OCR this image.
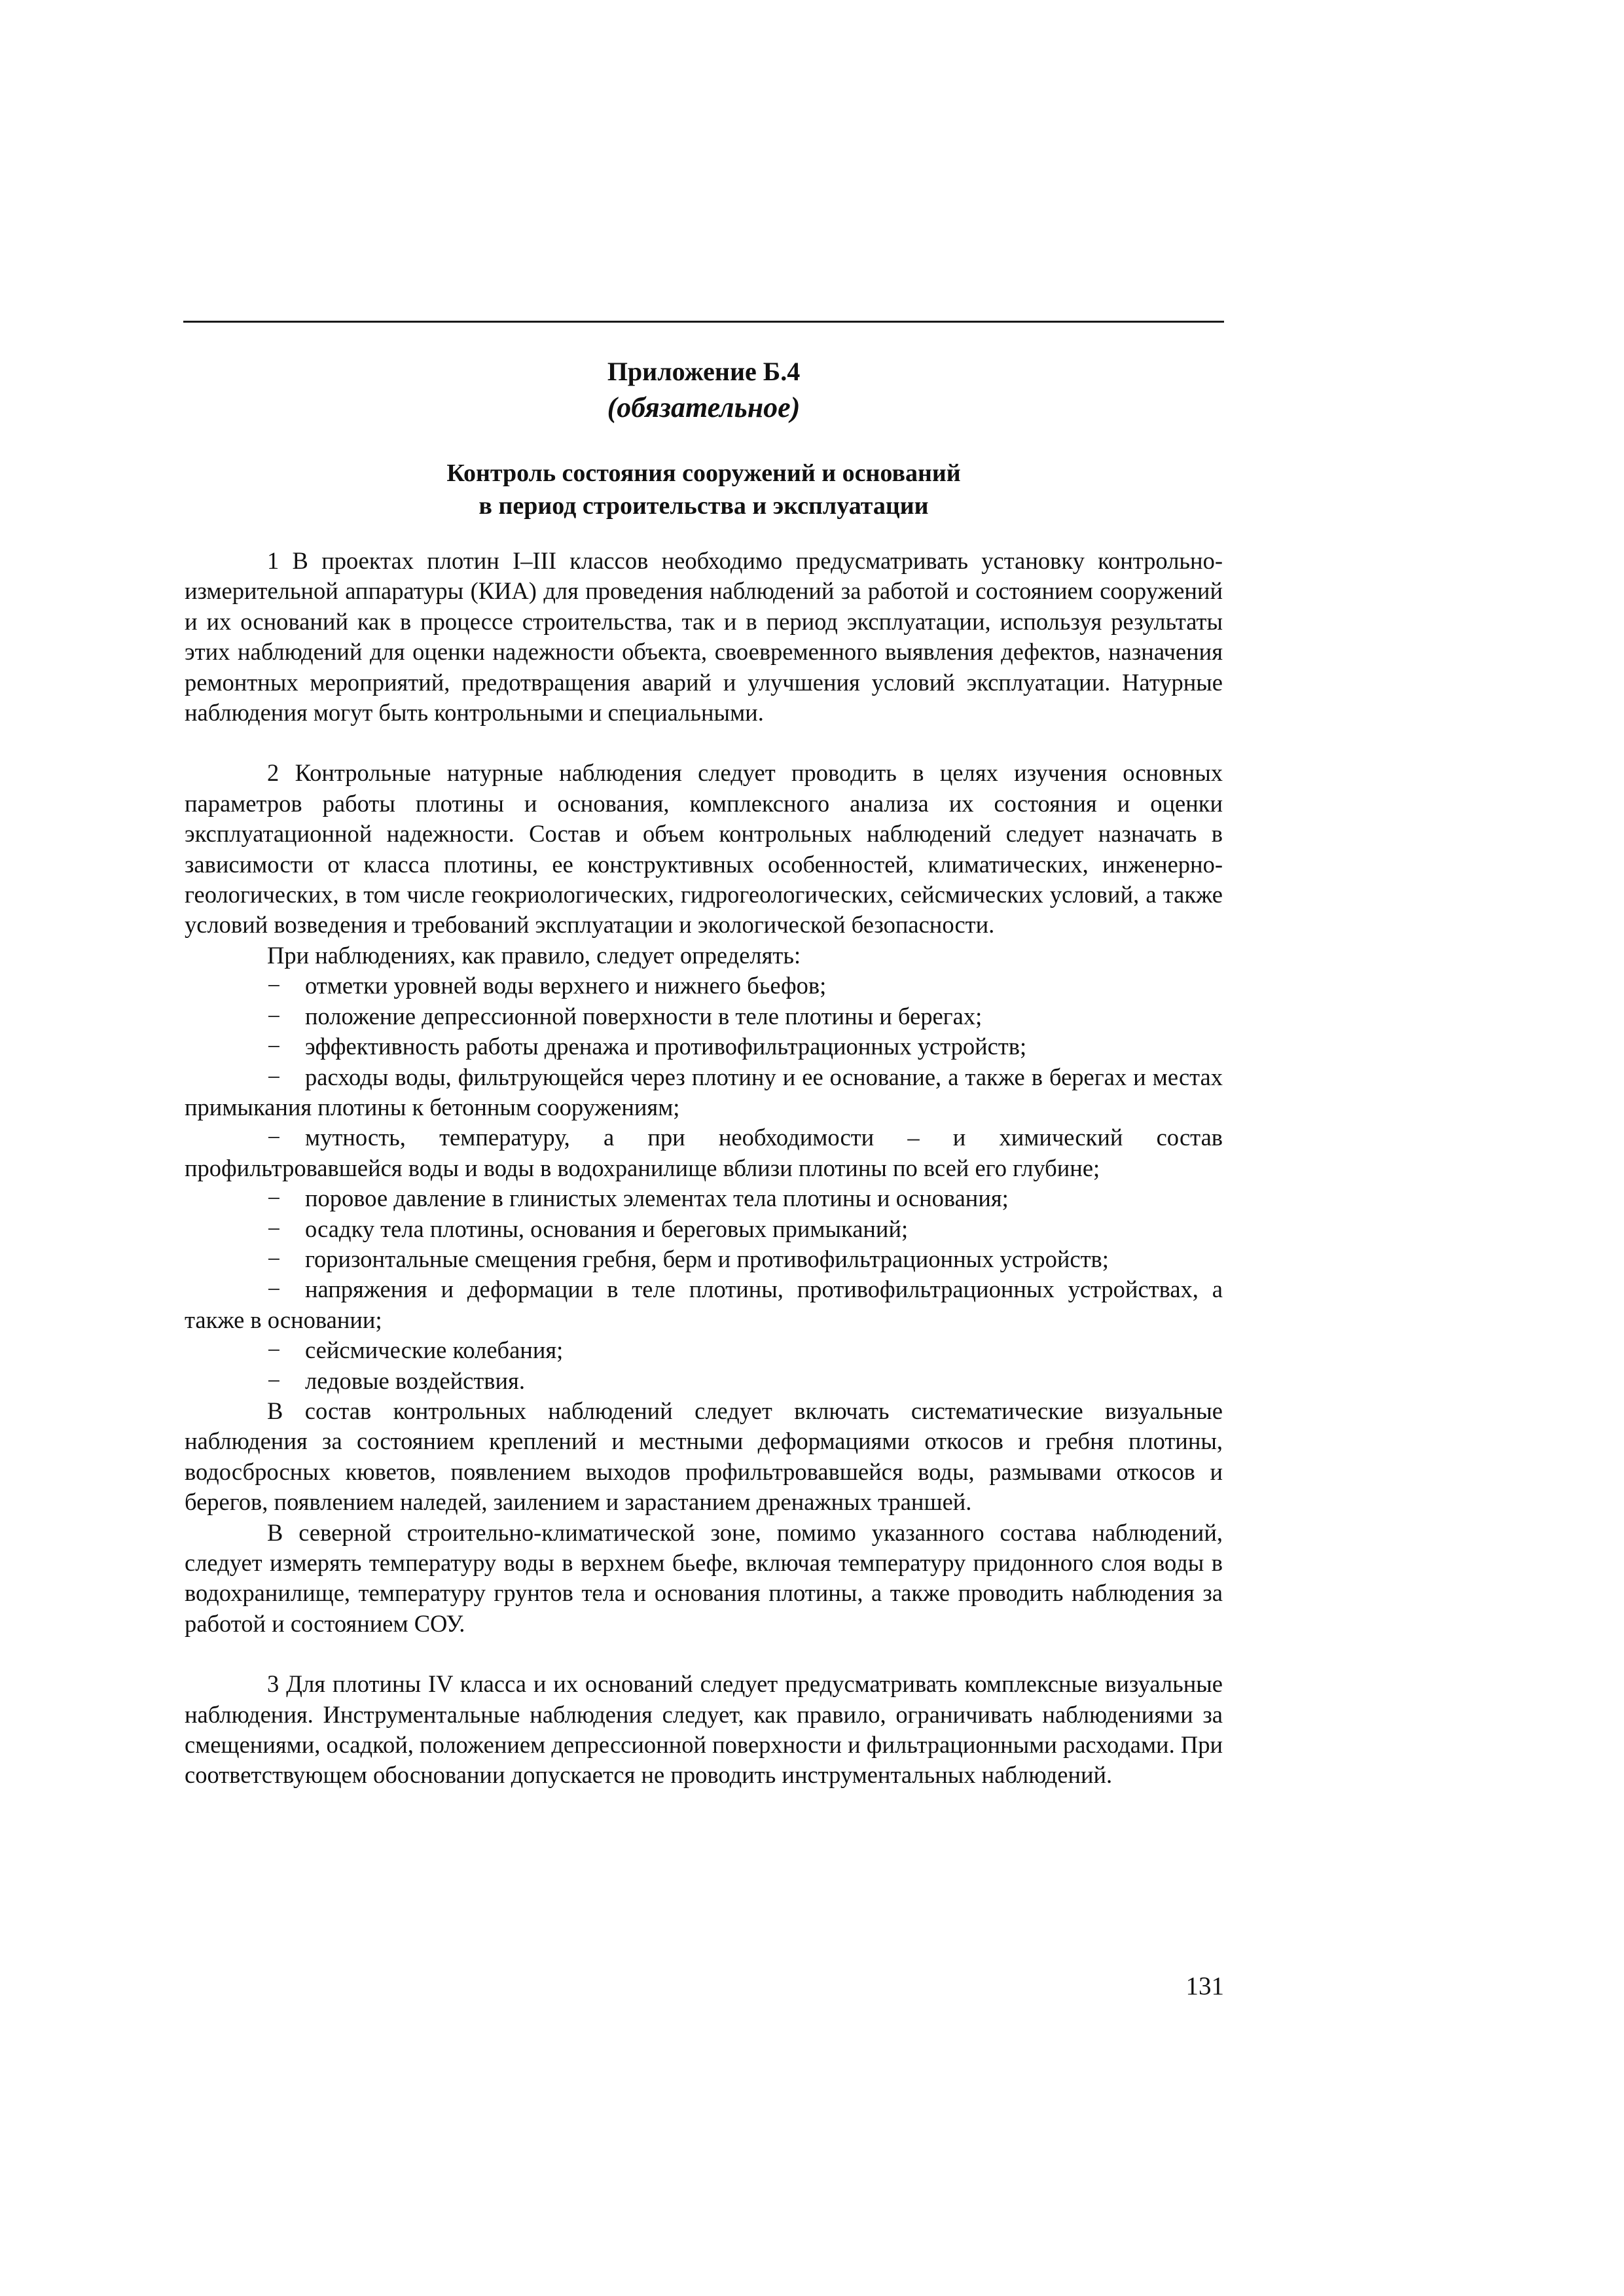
Приложение Б.4
(обязательное)
Контроль состояния сооружений и оснований
в период строительства и эксплуатации

1 В проектах плотин I–III классов необходимо предусматривать установку контрольно-измерительной аппаратуры (КИА) для проведения наблюдений за работой и состоянием сооружений и их оснований как в процессе строительства, так и в период эксплуатации, используя результаты этих наблюдений для оценки надежности объекта, своевременного выявления дефектов, назначения ремонтных мероприятий, предотвращения аварий и улучшения условий эксплуатации. Натурные наблюдения могут быть контрольными и специальными.

2 Контрольные натурные наблюдения следует проводить в целях изучения основных параметров работы плотины и основания, комплексного анализа их состояния и оценки эксплуатационной надежности. Состав и объем контрольных наблюдений следует назначать в зависимости от класса плотины, ее конструктивных особенностей, климатических, инженерно-геологических, в том числе геокриологических, гидрогеологических, сейсмических условий, а также условий возведения и требований эксплуатации и экологической безопасности.

При наблюдениях, как правило, следует определять:

− отметки уровней воды верхнего и нижнего бьефов;
− положение депрессионной поверхности в теле плотины и берегах;
− эффективность работы дренажа и противофильтрационных устройств;
− расходы воды, фильтрующейся через плотину и ее основание, а также в берегах и местах примыкания плотины к бетонным сооружениям;
− мутность, температуру, а при необходимости – и химический состав профильтровавшейся воды и воды в водохранилище вблизи плотины по всей его глубине;
− поровое давление в глинистых элементах тела плотины и основания;
− осадку тела плотины, основания и береговых примыканий;
− горизонтальные смещения гребня, берм и противофильтрационных устройств;
− напряжения и деформации в теле плотины, противофильтрационных устройствах, а также в основании;
− сейсмические колебания;
− ледовые воздействия.

В состав контрольных наблюдений следует включать систематические визуальные наблюдения за состоянием креплений и местными деформациями откосов и гребня плотины, водосбросных кюветов, появлением выходов профильтровавшейся воды, размывами откосов и берегов, появлением наледей, заилением и зарастанием дренажных траншей.

В северной строительно-климатической зоне, помимо указанного состава наблюдений, следует измерять температуру воды в верхнем бьефе, включая температуру придонного слоя воды в водохранилище, температуру грунтов тела и основания плотины, а также проводить наблюдения за работой и состоянием СОУ.

3 Для плотины IV класса и их оснований следует предусматривать комплексные визуальные наблюдения. Инструментальные наблюдения следует, как правило, ограничивать наблюдениями за смещениями, осадкой, положением депрессионной поверхности и фильтрационными расходами. При соответствующем обосновании допускается не проводить инструментальных наблюдений.

131
